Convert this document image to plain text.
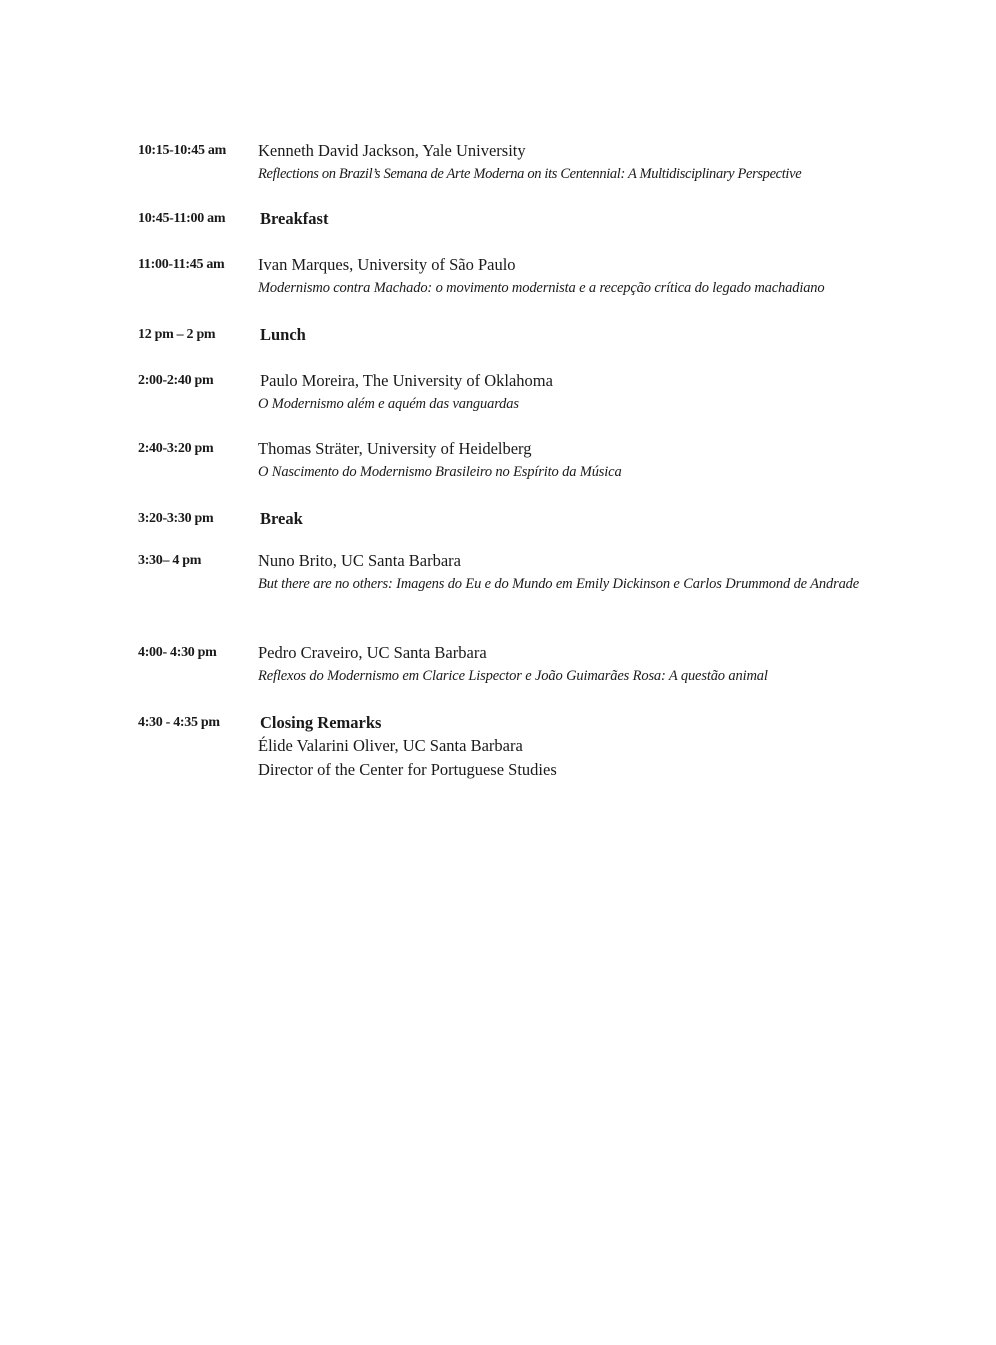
10:15-10:45 am Kenneth David Jackson, Yale University
Reflections on Brazil’s Semana de Arte Moderna on its Centennial: A Multidisciplinary Perspective
10:45-11:00 am Breakfast
11:00-11:45 am Ivan Marques, University of São Paulo
Modernismo contra Machado: o movimento modernista e a recepção crítica do legado machadiano
12 pm – 2 pm	Lunch
2:00-2:40 pm	Paulo Moreira, The University of Oklahoma
O Modernismo além e aquém das vanguardas
2:40-3:20 pm	Thomas Sträter, University of Heidelberg
O Nascimento do Modernismo Brasileiro no Espírito da Música
3:20-3:30 pm	Break
3:30– 4 pm	Nuno Brito, UC Santa Barbara
But there are no others: Imagens do Eu e do Mundo em Emily Dickinson e Carlos Drummond de Andrade
4:00- 4:30 pm	Pedro Craveiro, UC Santa Barbara
Reflexos do Modernismo em Clarice Lispector e João Guimarães Rosa: A questão animal
4:30 - 4:35 pm Closing Remarks
Élide Valarini Oliver, UC Santa Barbara
Director of the Center for Portuguese Studies
